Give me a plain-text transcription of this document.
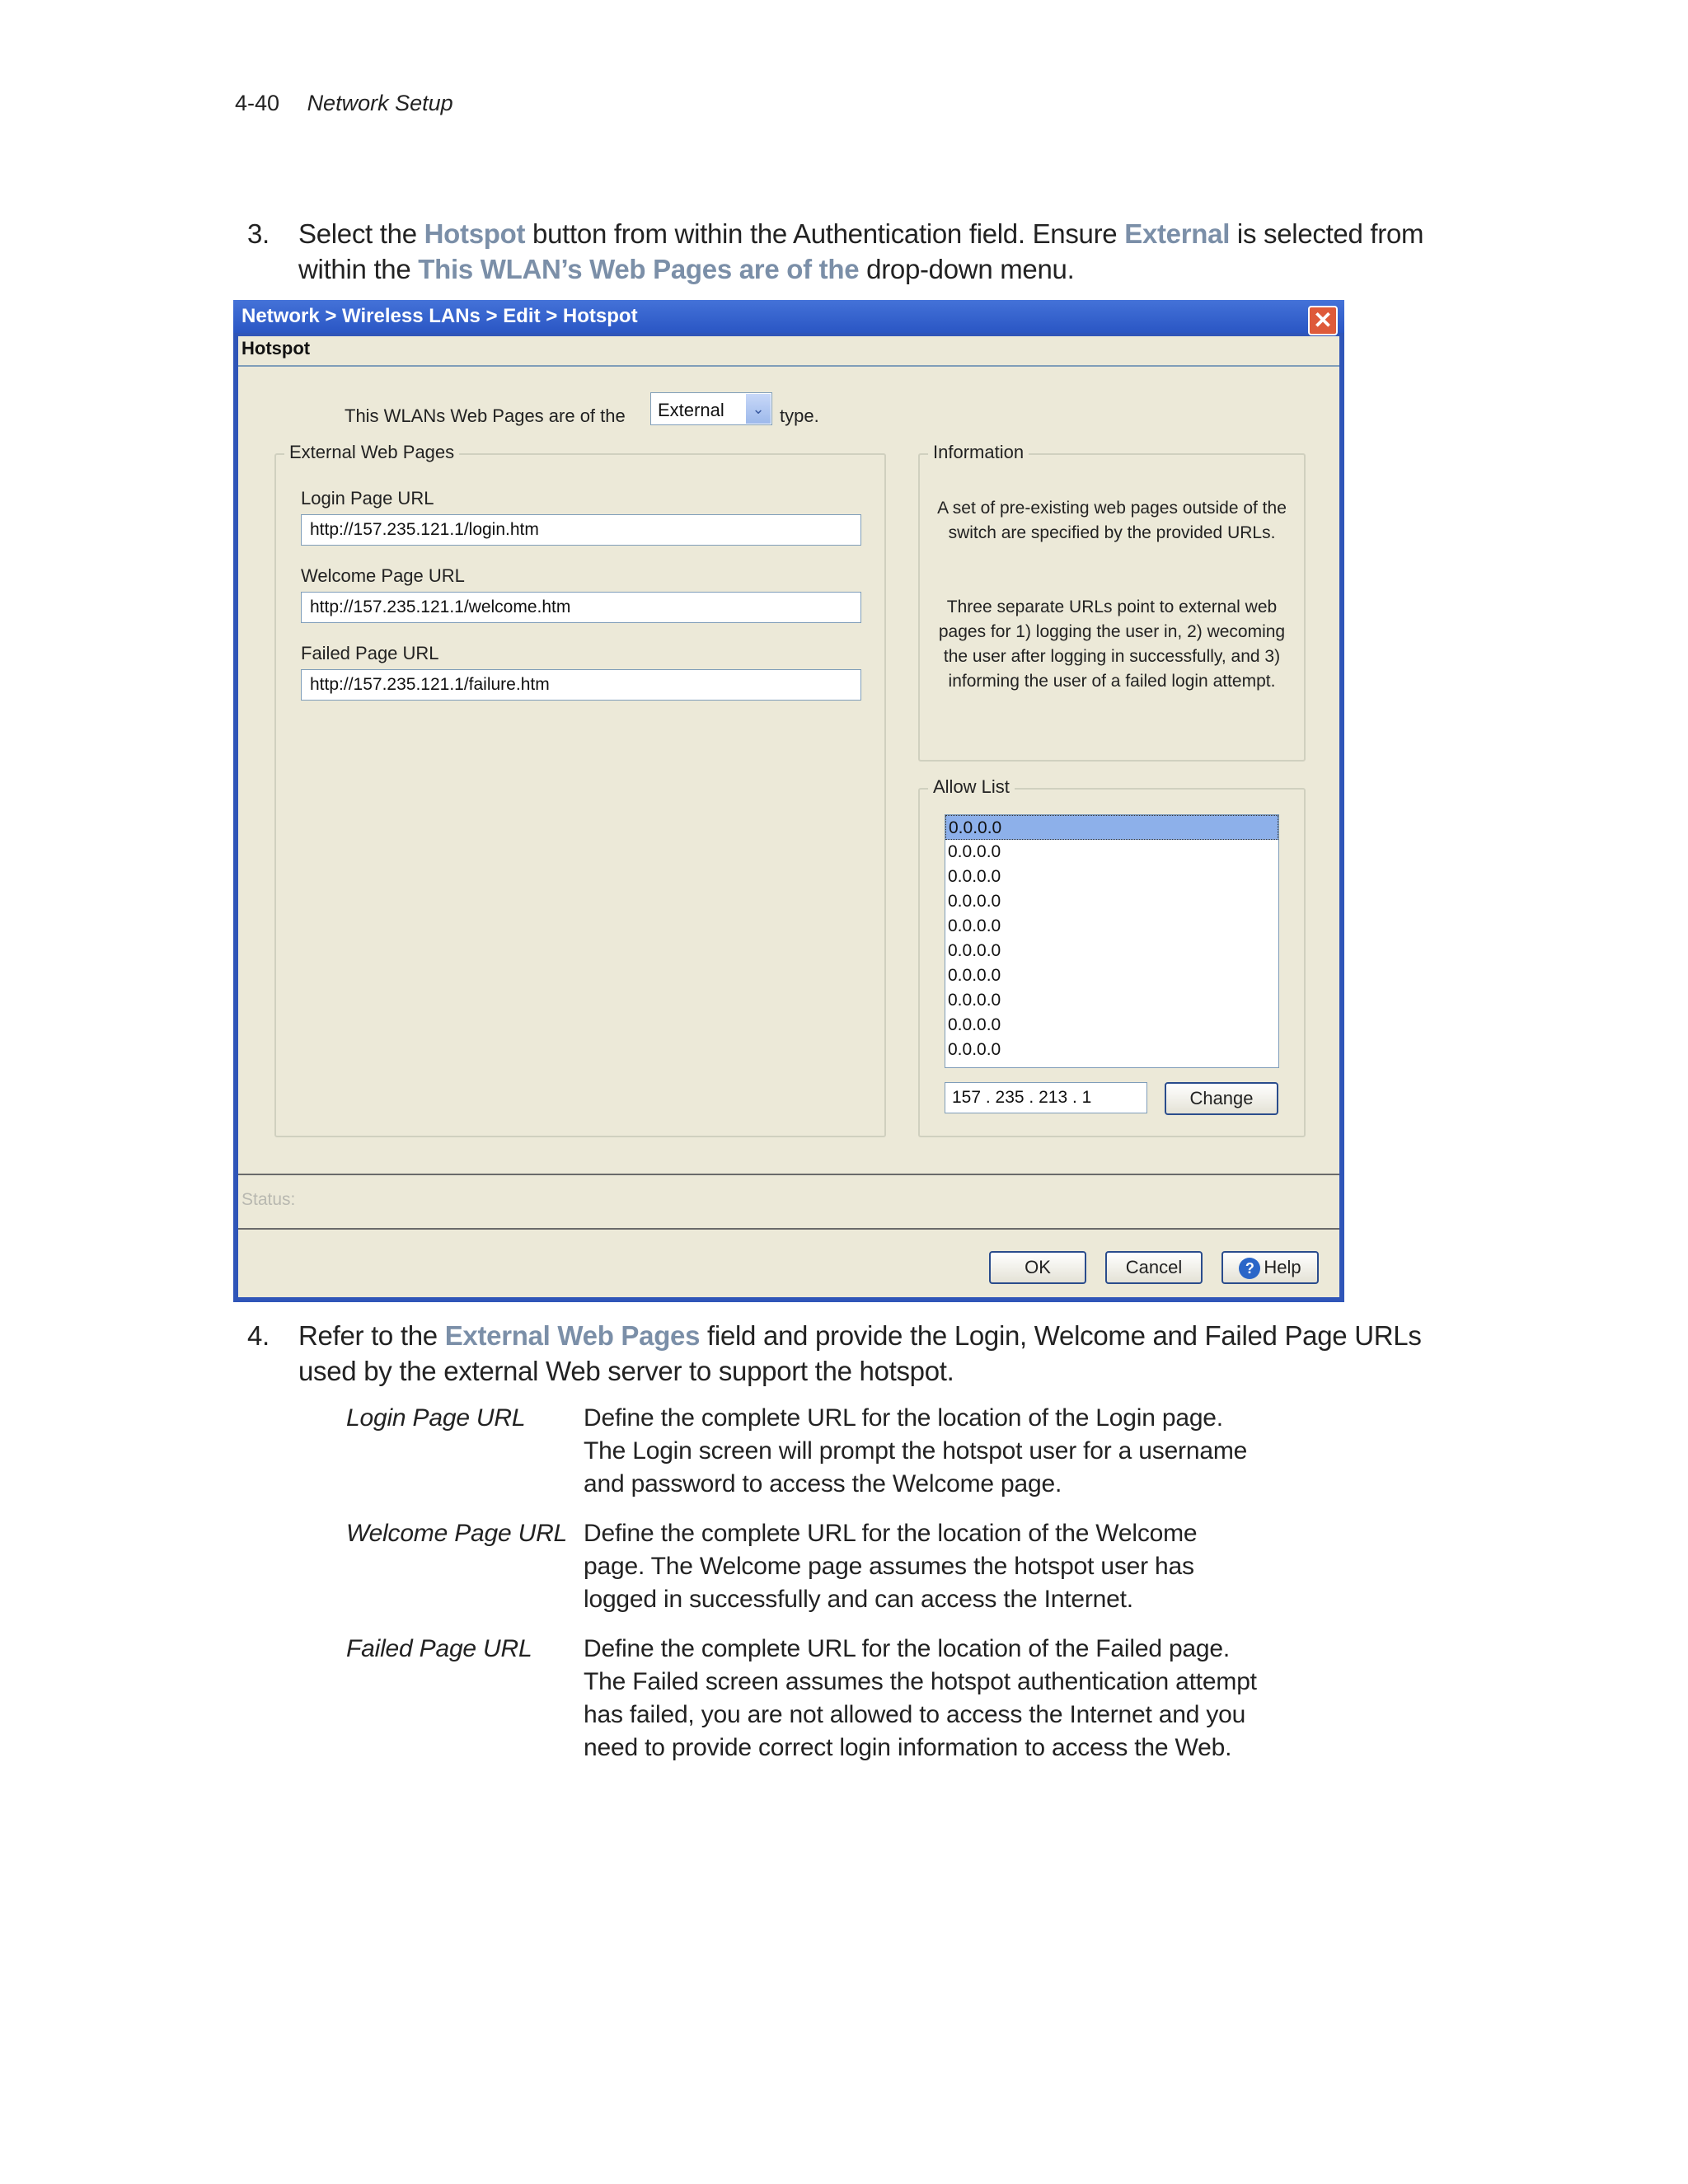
4-40 Network Setup
3. Select the Hotspot button from within the Authentication field. Ensure External is selected from within the This WLAN’s Web Pages are of the drop-down menu.
Network > Wireless LANs > Edit > Hotspot	✕
Hotspot
This WLANs Web Pages are of the External	⌄ type.
External Web Pages
Login Page URL
http://157.235.121.1/login.htm
Welcome Page URL
http://157.235.121.1/welcome.htm
Failed Page URL
http://157.235.121.1/failure.htm
Information
A set of pre-existing web pages outside of the switch are specified by the provided URLs.
Three separate URLs point to external web pages for 1) logging the user in, 2) wecoming the user after logging in successfully, and 3) informing the user of a failed login attempt.
Allow List
0.0.0.0
0.0.0.0
0.0.0.0
0.0.0.0
0.0.0.0
0.0.0.0
0.0.0.0
0.0.0.0
0.0.0.0
0.0.0.0
157 . 235 . 213 . 1	Change
Status:
OK	Cancel	? Help
4. Refer to the External Web Pages field and provide the Login, Welcome and Failed Page URLs used by the external Web server to support the hotspot.
Login Page URL Define the complete URL for the location of the Login page. The Login screen will prompt the hotspot user for a username and password to access the Welcome page.
Welcome Page URL Define the complete URL for the location of the Welcome page. The Welcome page assumes the hotspot user has logged in successfully and can access the Internet.
Failed Page URL Define the complete URL for the location of the Failed page. The Failed screen assumes the hotspot authentication attempt has failed, you are not allowed to access the Internet and you need to provide correct login information to access the Web.
